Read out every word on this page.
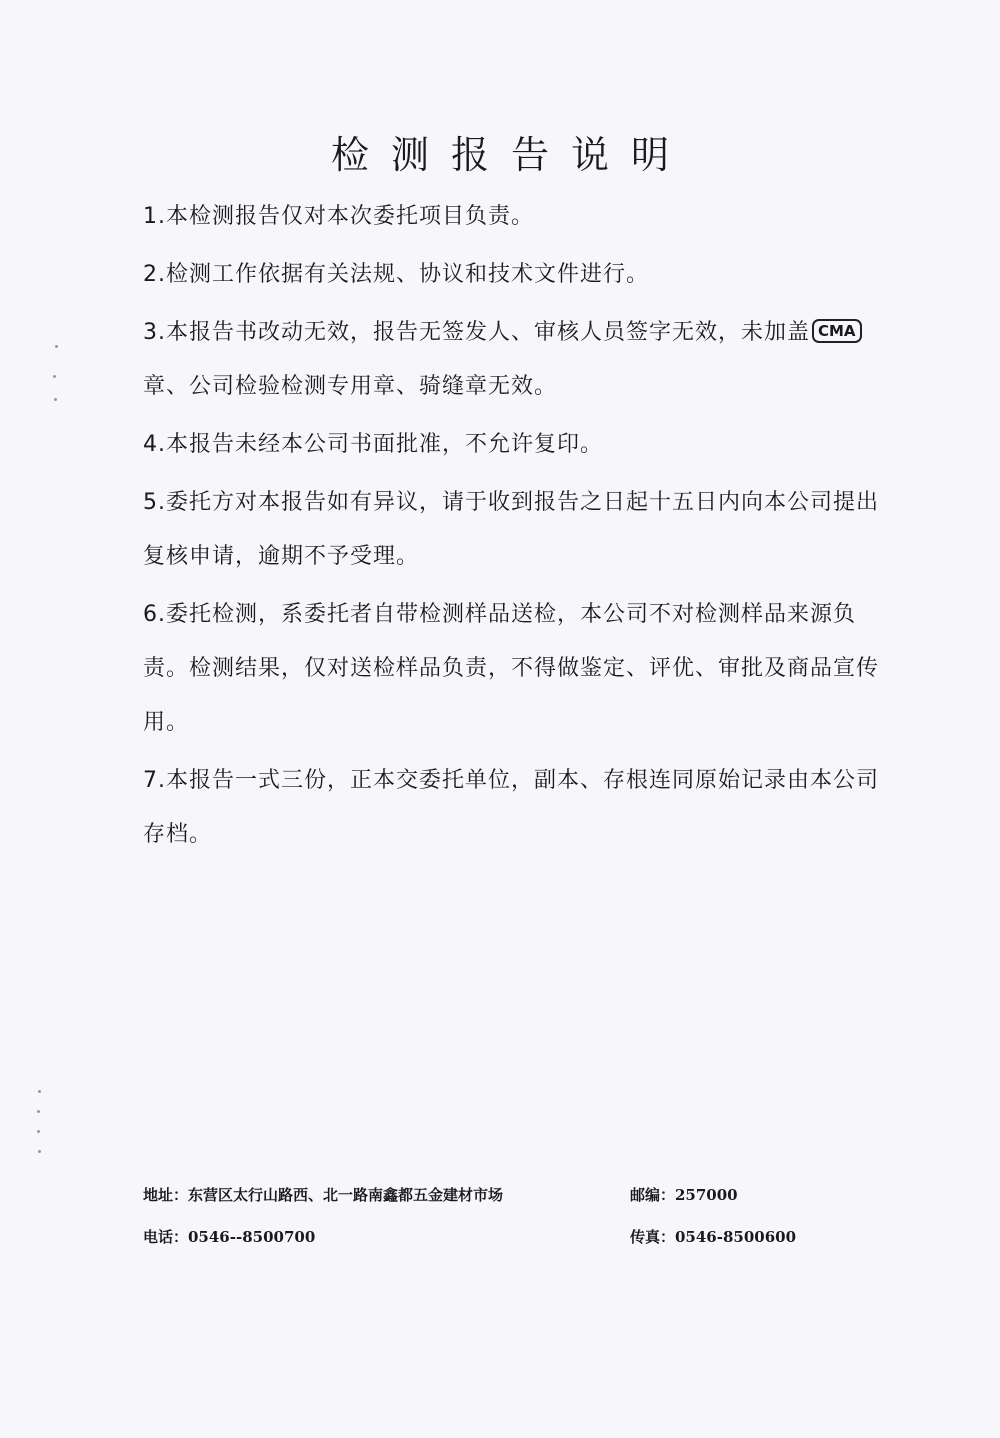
检测报告说明
1.本检测报告仅对本次委托项目负责。
2.检测工作依据有关法规、协议和技术文件进行。
3.本报告书改动无效，报告无签发人、审核人员签字无效，未加盖 CMA
章、公司检验检测专用章、骑缝章无效。
4.本报告未经本公司书面批准，不允许复印。
5.委托方对本报告如有异议，请于收到报告之日起十五日内向本公司提出复核申请，逾期不予受理。
6.委托检测，系委托者自带检测样品送检，本公司不对检测样品来源负责。检测结果，仅对送检样品负责，不得做鉴定、评优、审批及商品宣传用。
7.本报告一式三份，正本交委托单位，副本、存根连同原始记录由本公司存档。
地址：东营区太行山路西、北一路南鑫都五金建材市场	邮编：257000
电话：0546--8500700	传真：0546-8500600
